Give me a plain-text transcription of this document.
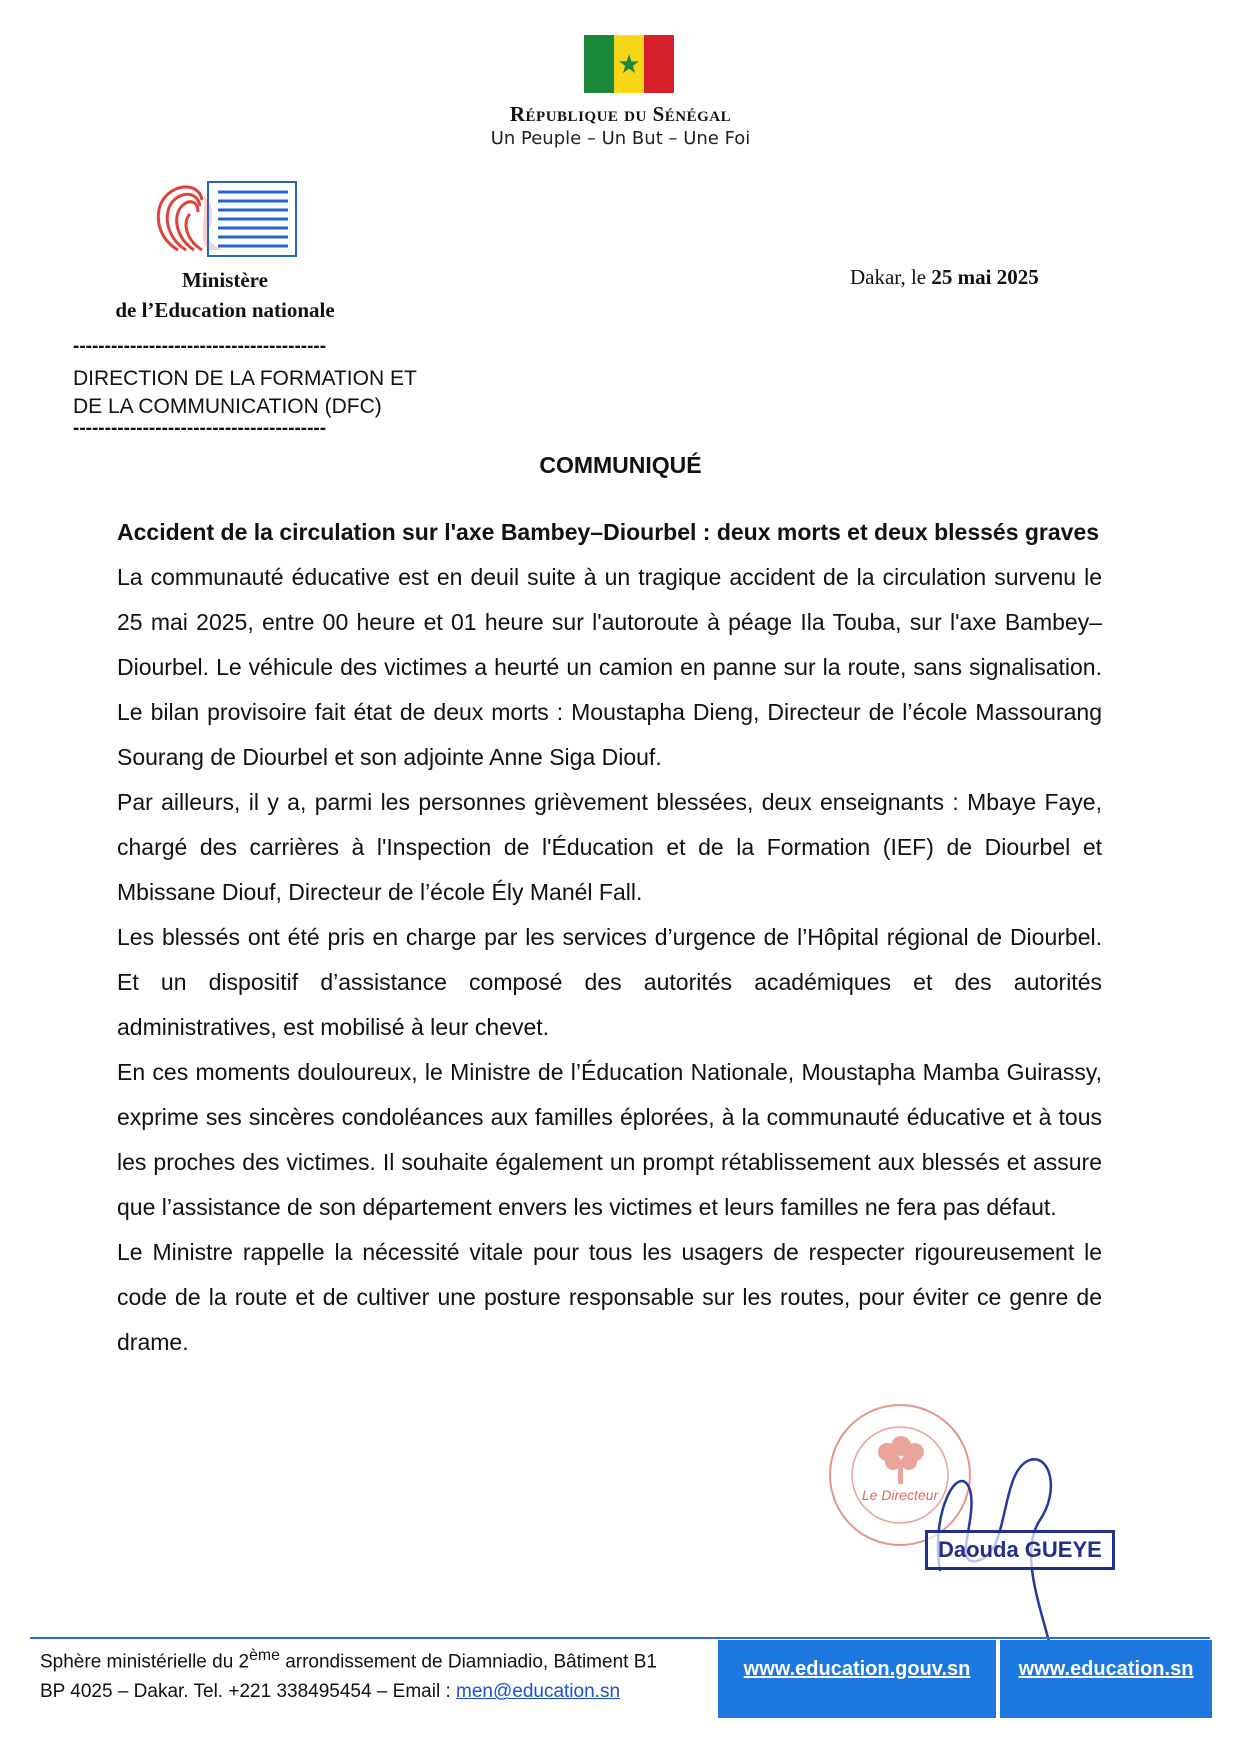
★
République du Sénégal
Un Peuple – Un But – Une Foi
Ministère
de l’Education nationale
Dakar, le 25 mai 2025
----------------------------------------
DIRECTION DE LA FORMATION ET
DE LA COMMUNICATION (DFC)
----------------------------------------
COMMUNIQUÉ

Accident de la circulation sur l'axe Bambey–Diourbel : deux morts et deux blessés graves

La communauté éducative est en deuil suite à un tragique accident de la circulation survenu le 25 mai 2025, entre 00 heure et 01 heure sur l'autoroute à péage Ila Touba, sur l'axe Bambey–Diourbel. Le véhicule des victimes a heurté un camion en panne sur la route, sans signalisation. Le bilan provisoire fait état de deux morts : Moustapha Dieng, Directeur de l’école Massourang Sourang de Diourbel et son adjointe Anne Siga Diouf.

Par ailleurs, il y a, parmi les personnes grièvement blessées, deux enseignants : Mbaye Faye, chargé des carrières à l'Inspection de l'Éducation et de la Formation (IEF) de Diourbel et Mbissane Diouf, Directeur de l’école Ély Manél Fall.

Les blessés ont été pris en charge par les services d’urgence de l’Hôpital régional de Diourbel. Et un dispositif d’assistance composé des autorités académiques et des autorités administratives, est mobilisé à leur chevet.

En ces moments douloureux, le Ministre de l’Éducation Nationale, Moustapha Mamba Guirassy, exprime ses sincères condoléances aux familles éplorées, à la communauté éducative et à tous les proches des victimes. Il souhaite également un prompt rétablissement aux blessés et assure que l’assistance de son département envers les victimes et leurs familles ne fera pas défaut.

Le Ministre rappelle la nécessité vitale pour tous les usagers de respecter rigoureusement le code de la route et de cultiver une posture responsable sur les routes, pour éviter ce genre de drame.

Le Directeur
Daouda GUEYE
Sphère ministérielle du 2ème arrondissement de Diamniadio, Bâtiment B1
BP 4025 – Dakar. Tel. +221 338495454 – Email : men@education.sn
www.education.gouv.sn www.education.sn
